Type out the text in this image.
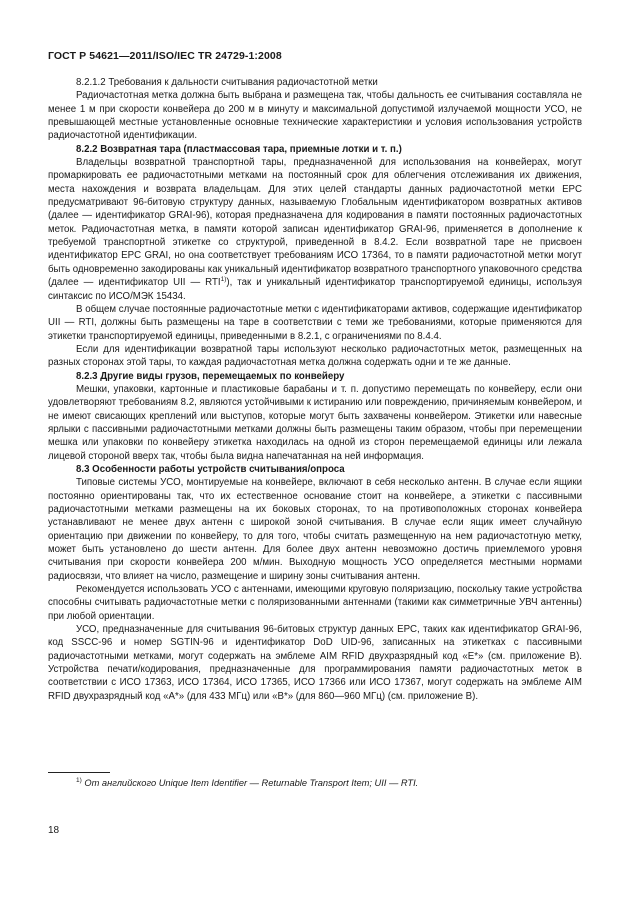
ГОСТ Р 54621—2011/ISO/IEC TR 24729-1:2008

8.2.1.2 Требования к дальности считывания радиочастотной метки

Радиочастотная метка должна быть выбрана и размещена так, чтобы дальность ее считывания составляла не менее 1 м при скорости конвейера до 200 м в минуту и максимальной допустимой излучаемой мощности УСО, не превышающей местные установленные основные технические характеристики и условия использования устройств радиочастотной идентификации.

8.2.2 Возвратная тара (пластмассовая тара, приемные лотки и т. п.)

Владельцы возвратной транспортной тары, предназначенной для использования на конвейерах, могут промаркировать ее радиочастотными метками на постоянный срок для облегчения отслеживания их движения, места нахождения и возврата владельцам. Для этих целей стандарты данных радиочастотной метки EPC предусматривают 96-битовую структуру данных, называемую Глобальным идентификатором возвратных активов (далее — идентификатор GRAI-96), которая предназначена для кодирования в памяти постоянных радиочастотных меток. Радиочастотная метка, в памяти которой записан идентификатор GRAI-96, применяется в дополнение к требуемой транспортной этикетке со структурой, приведенной в 8.4.2. Если возвратной таре не присвоен идентификатор EPC GRAI, но она соответствует требованиям ИСО 17364, то в памяти радиочастотной метки могут быть одновременно закодированы как уникальный идентификатор возвратного транспортного упаковочного средства (далее — идентификатор UII — RTI$^{1)}$), так и уникальный идентификатор транспортируемой единицы, используя синтаксис по ИСО/МЭК 15434.

В общем случае постоянные радиочастотные метки с идентификаторами активов, содержащие идентификатор UII — RTI, должны быть размещены на таре в соответствии с теми же требованиями, которые применяются для этикетки транспортируемой единицы, приведенными в 8.2.1, с ограничениями по 8.4.4.

Если для идентификации возвратной тары используют несколько радиочастотных меток, размещенных на разных сторонах этой тары, то каждая радиочастотная метка должна содержать одни и те же данные.

8.2.3 Другие виды грузов, перемещаемых по конвейеру

Мешки, упаковки, картонные и пластиковые барабаны и т. п. допустимо перемещать по конвейеру, если они удовлетворяют требованиям 8.2, являются устойчивыми к истиранию или повреждению, причиняемым конвейером, и не имеют свисающих креплений или выступов, которые могут быть захвачены конвейером. Этикетки или навесные ярлыки с пассивными радиочастотными метками должны быть размещены таким образом, чтобы при перемещении мешка или упаковки по конвейеру этикетка находилась на одной из сторон перемещаемой единицы или лежала лицевой стороной вверх так, чтобы была видна напечатанная на ней информация.

8.3 Особенности работы устройств считывания/опроса

Типовые системы УСО, монтируемые на конвейере, включают в себя несколько антенн. В случае если ящики постоянно ориентированы так, что их естественное основание стоит на конвейере, а этикетки с пассивными радиочастотными метками размещены на их боковых сторонах, то на противоположных сторонах конвейера устанавливают не менее двух антенн с широкой зоной считывания. В случае если ящик имеет случайную ориентацию при движении по конвейеру, то для того, чтобы считать размещенную на нем радиочастотную метку, может быть установлено до шести антенн. Для более двух антенн невозможно достичь приемлемого уровня считывания при скорости конвейера 200 м/мин. Выходную мощность УСО определяется местными нормами радиосвязи, что влияет на число, размещение и ширину зоны считывания антенн.

Рекомендуется использовать УСО с антеннами, имеющими круговую поляризацию, поскольку такие устройства способны считывать радиочастотные метки с поляризованными антеннами (такими как симметричные УВЧ антенны) при любой ориентации.

УСО, предназначенные для считывания 96-битовых структур данных EPC, таких как идентификатор GRAI-96, код SSCC-96 и номер SGTIN-96 и идентификатор DoD UID-96, записанных на этикетках с пассивными радиочастотными метками, могут содержать на эмблеме AIM RFID двухразрядный код «E*» (см. приложение В). Устройства печати/кодирования, предназначенные для программирования памяти радиочастотных меток в соответствии с ИСО 17363, ИСО 17364, ИСО 17365, ИСО 17366 или ИСО 17367, могут содержать на эмблеме AIM RFID двухразрядный код «A*» (для 433 МГц) или «B*» (для 860—960 МГц) (см. приложение В).

$^{1)}$ От английского Unique Item Identifier — Returnable Transport Item; UII — RTI.
18
